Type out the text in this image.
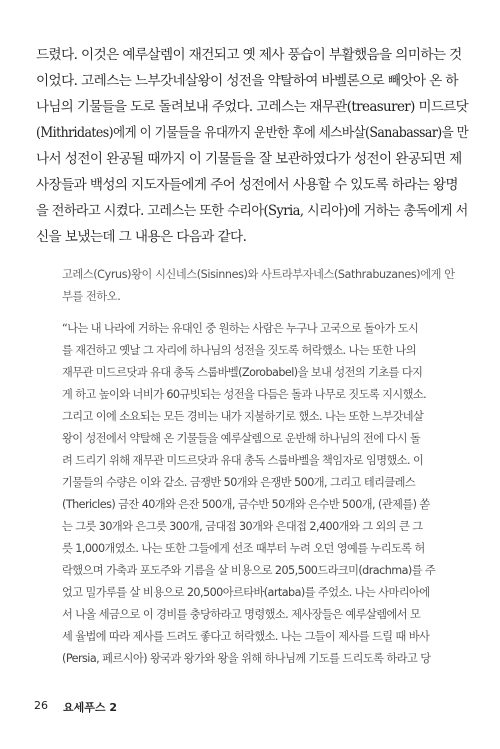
드렸다. 이것은 예루살렘이 재건되고 옛 제사 풍습이 부활했음을 의미하는 것
이었다. 고레스는 느부갓네살왕이 성전을 약탈하여 바벨론으로 빼앗아 온 하
나님의 기물들을 도로 돌려보내 주었다. 고레스는 재무관(treasurer) 미드르닷
(Mithridates)에게 이 기물들을 유대까지 운반한 후에 세스바살(Sanabassar)을 만
나서 성전이 완공될 때까지 이 기물들을 잘 보관하였다가 성전이 완공되면 제
사장들과 백성의 지도자들에게 주어 성전에서 사용할 수 있도록 하라는 왕명
을 전하라고 시켰다. 고레스는 또한 수리아(Syria, 시리아)에 거하는 총독에게 서
신을 보냈는데 그 내용은 다음과 같다.
고레스(Cyrus)왕이 시신네스(Sisinnes)와 사트라부자네스(Sathrabuzanes)에게 안
부를 전하오.
“나는 내 나라에 거하는 유대인 중 원하는 사람은 누구나 고국으로 돌아가 도시
를 재건하고 옛날 그 자리에 하나님의 성전을 짓도록 허락했소. 나는 또한 나의
재무관 미드르닷과 유대 총독 스룹바벨(Zorobabel)을 보내 성전의 기초를 다지
게 하고 높이와 너비가 60규빗되는 성전을 다듬은 돌과 나무로 짓도록 지시했소.
그리고 이에 소요되는 모든 경비는 내가 지불하기로 했소. 나는 또한 느부갓네살
왕이 성전에서 약탈해 온 기물들을 예루살렘으로 운반해 하나님의 전에 다시 돌
려 드리기 위해 재무관 미드르닷과 유대 총독 스룹바벨을 책임자로 임명했소. 이
기물들의 수량은 이와 같소. 금쟁반 50개와 은쟁반 500개, 그리고 테리클레스
(Thericles) 금잔 40개와 은잔 500개, 금수반 50개와 은수반 500개, (관제를) 쏟
는 그릇 30개와 은그릇 300개, 금대접 30개와 은대접 2,400개와 그 외의 큰 그
릇 1,000개였소. 나는 또한 그들에게 선조 때부터 누려 오던 영예를 누리도록 허
락했으며 가축과 포도주와 기름을 살 비용으로 205,500드라크미(drachma)를 주
었고 밀가루를 살 비용으로 20,500아르타바(artaba)를 주었소. 나는 사마리아에
서 나올 세금으로 이 경비를 충당하라고 명령했소. 제사장들은 예루살렘에서 모
세 율법에 따라 제사를 드려도 좋다고 허락했소. 나는 그들이 제사를 드릴 때 바사
(Persia, 페르시아) 왕국과 왕가와 왕을 위해 하나님께 기도를 드리도록 하라고 당
26 요세푸스 2
